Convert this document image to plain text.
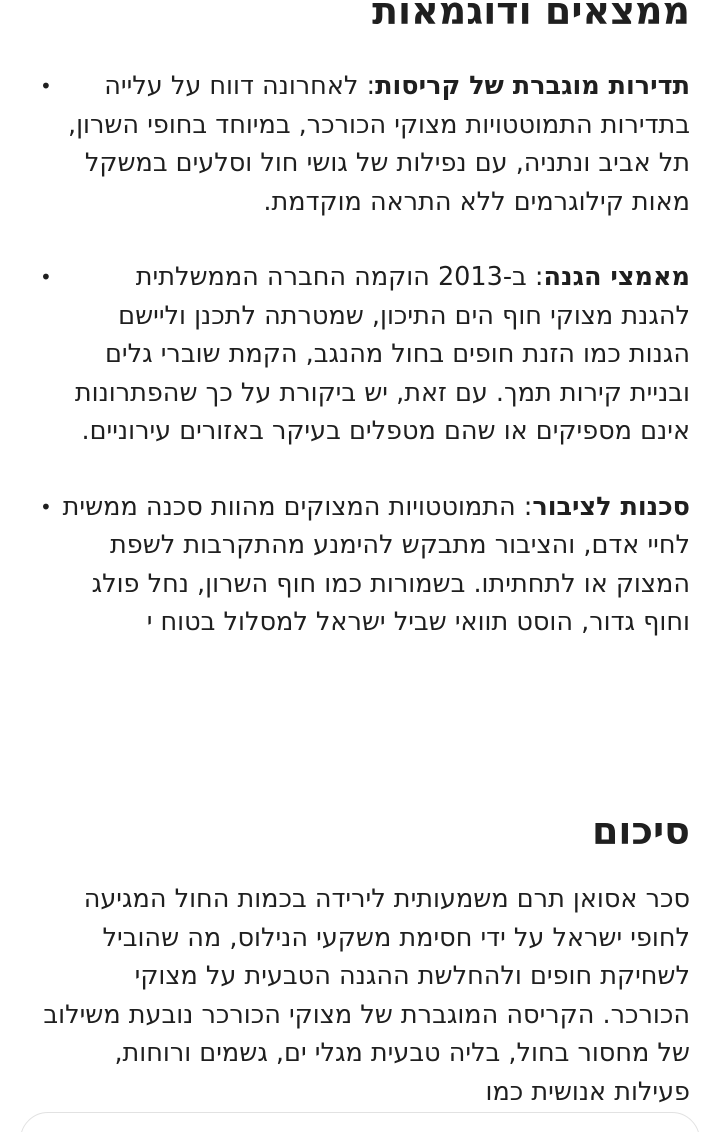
ממצאים ודוגמאות
•	תדירות מוגברת של קריסות: לאחרונה דווח על עלייה בתדירות התמוטטויות מצוקי הכורכר, במיוחד בחופי השרון, תל אביב ונתניה, עם נפילות של גושי חול וסלעים במשקל מאות קילוגרמים ללא התראה מוקדמת.
•	מאמצי הגנה: ב-2013 הוקמה החברה הממשלתית להגנת מצוקי חוף הים התיכון, שמטרתה לתכנן וליישם הגנות כמו הזנת חופים בחול מהנגב, הקמת שוברי גלים ובניית קירות תמך. עם זאת, יש ביקורת על כך שהפתרונות אינם מספיקים או שהם מטפלים בעיקר באזורים עירוניים.
•	סכנות לציבור: התמוטטויות המצוקים מהוות סכנה ממשית לחיי אדם, והציבור מתבקש להימנע מהתקרבות לשפת המצוק או לתחתיתו. בשמורות כמו חוף השרון, נחל פולג וחוף גדור, הוסט תוואי שביל ישראל למסלול בטוח י
סיכום

סכר אסואן תרם משמעותית לירידה בכמות החול המגיעה לחופי ישראל על ידי חסימת משקעי הנילוס, מה שהוביל לשחיקת חופים ולהחלשת ההגנה הטבעית על מצוקי הכורכר. הקריסה המוגברת של מצוקי הכורכר נובעת משילוב של מחסור בחול, בליה טבעית מגלי ים, גשמים ורוחות, פעילות אנושית כמו
